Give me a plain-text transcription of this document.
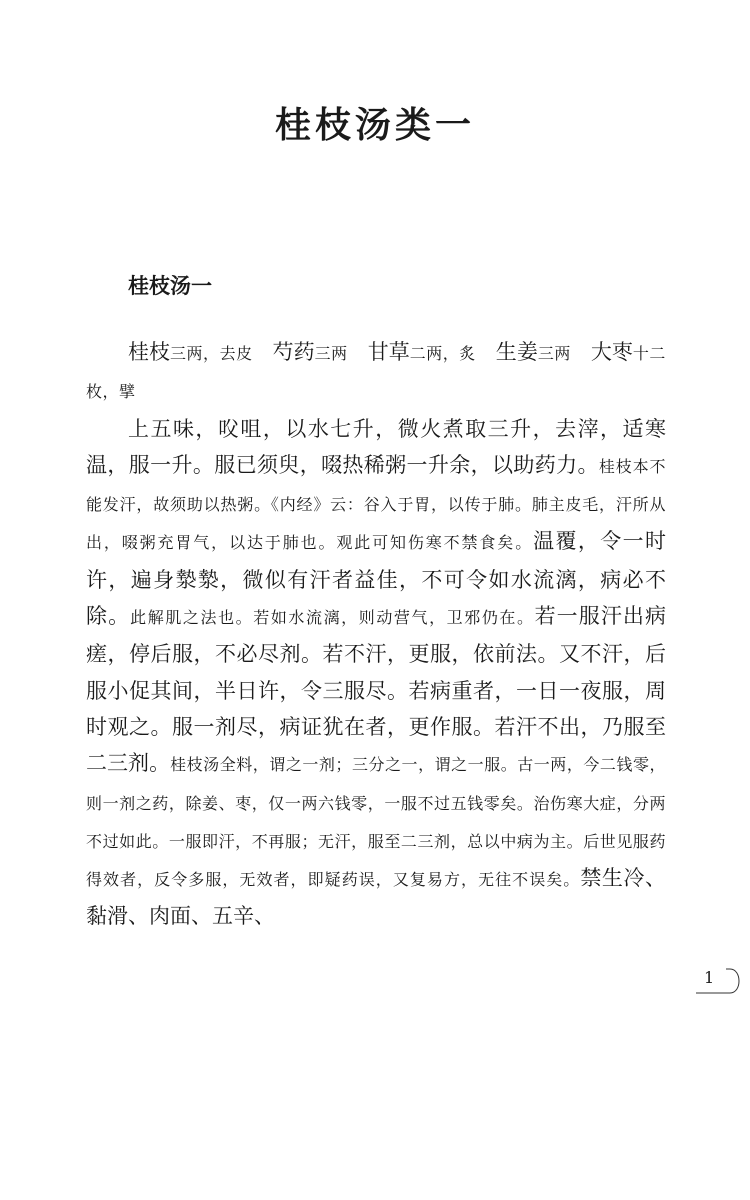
桂枝汤类一
桂枝汤一

桂枝三两，去皮 芍药三两 甘草二两，炙 生姜三两 大枣十二枚，擘

上五味，㕮咀，以水七升，微火煮取三升，去滓，适寒温，服一升。服已须臾，啜热稀粥一升余，以助药力。桂枝本不能发汗，故须助以热粥。《内经》云：谷入于胃，以传于肺。肺主皮毛，汗所从出，啜粥充胃气，以达于肺也。观此可知伤寒不禁食矣。温覆，令一时许，遍身漐漐，微似有汗者益佳，不可令如水流漓，病必不除。此解肌之法也。若如水流漓，则动营气，卫邪仍在。若一服汗出病瘥，停后服，不必尽剂。若不汗，更服，依前法。又不汗，后服小促其间，半日许，令三服尽。若病重者，一日一夜服，周时观之。服一剂尽，病证犹在者，更作服。若汗不出，乃服至二三剂。桂枝汤全料，谓之一剂；三分之一，谓之一服。古一两，今二钱零，则一剂之药，除姜、枣，仅一两六钱零，一服不过五钱零矣。治伤寒大症，分两不过如此。一服即汗，不再服；无汗，服至二三剂，总以中病为主。后世见服药得效者，反令多服，无效者，即疑药误，又复易方，无往不误矣。禁生冷、黏滑、肉面、五辛、

1
